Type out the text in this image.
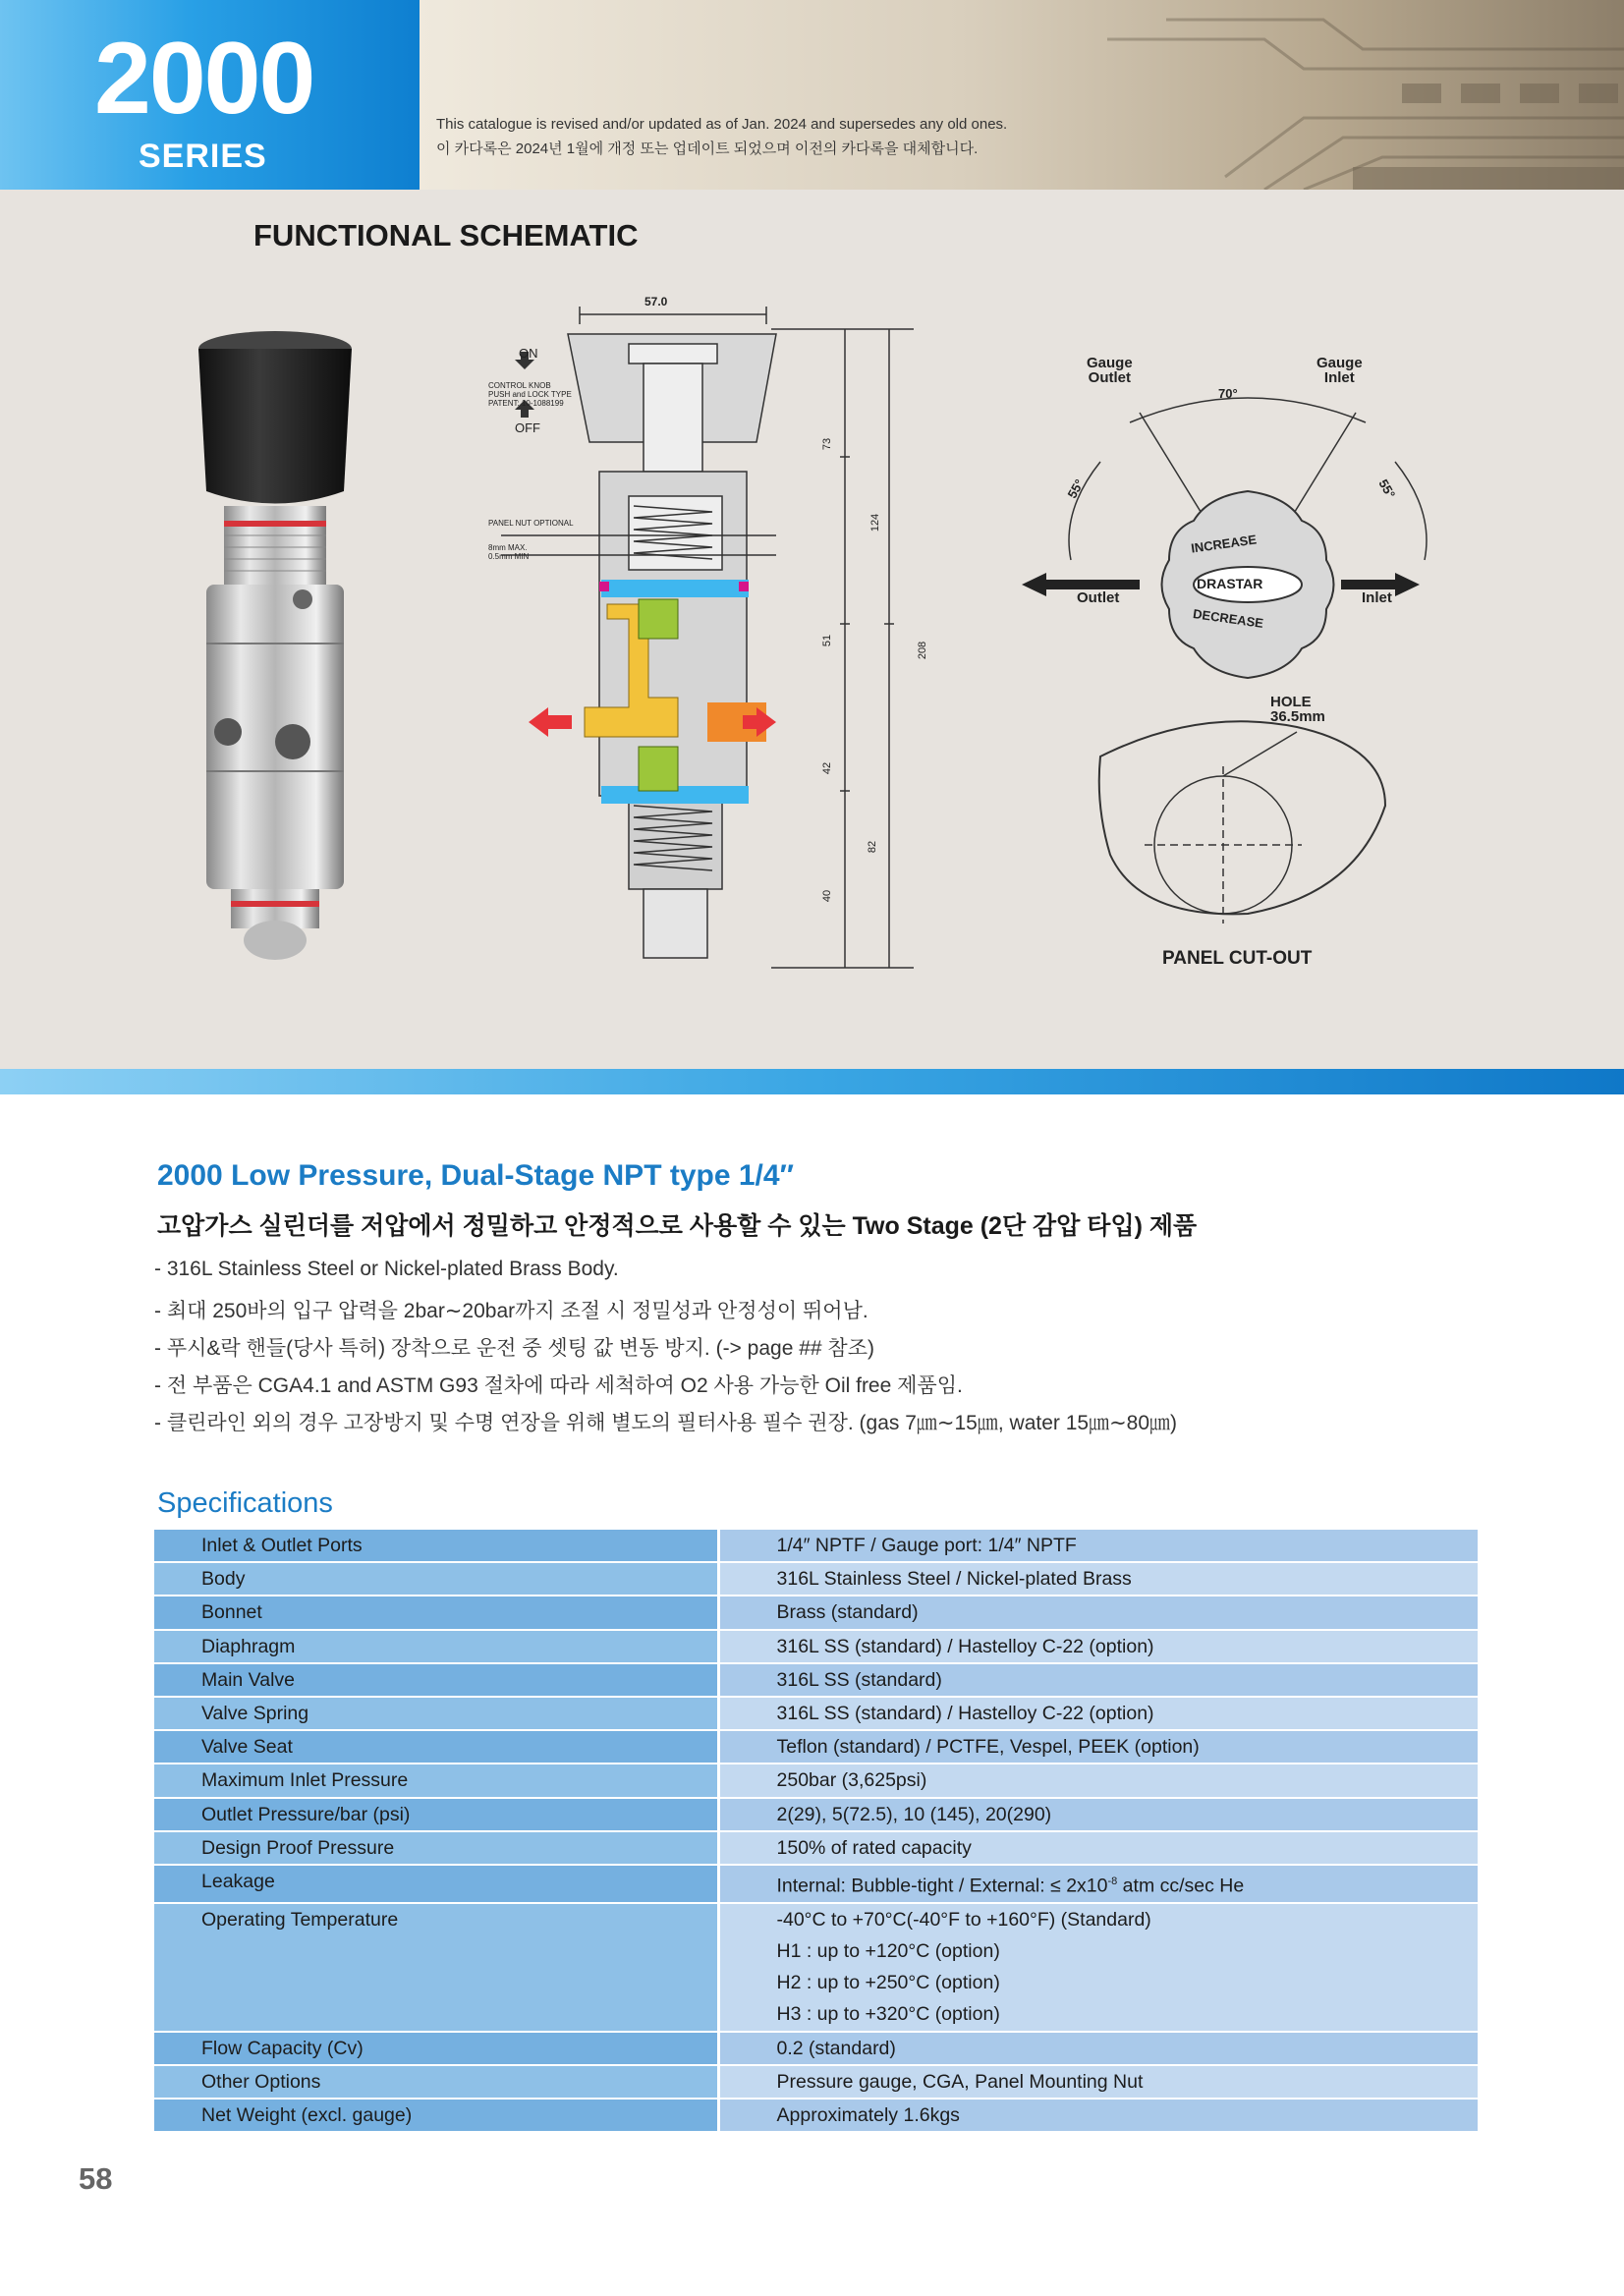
2000
SERIES
This catalogue is revised and/or updated as of Jan. 2024 and supersedes any old ones.
이 카다록은 2024년 1월에 개정 또는 업데이트 되었으며 이전의 카다록을 대체합니다.
FUNCTIONAL SCHEMATIC
57.0
ON
CONTROL KNOB
PUSH and LOCK TYPE
PATENT: 10-1088199
OFF
PANEL NUT OPTIONAL
8mm MAX.
0.5mm MIN
73
124
51
208
42
82
40
Gauge
Outlet
Gauge
Inlet
70°
55°	55°
Outlet	Inlet
INCREASE
DRASTAR
DECREASE
HOLE
36.5mm
PANEL CUT-OUT
2000 Low Pressure, Dual-Stage NPT type 1/4″
고압가스 실린더를 저압에서 정밀하고 안정적으로 사용할 수 있는 Two Stage (2단 감압 타입) 제품
- 316L Stainless Steel or Nickel-plated Brass Body.
- 최대 250바의 입구 압력을 2bar∼20bar까지 조절 시 정밀성과 안정성이 뛰어남.
- 푸시&락 핸들(당사 특허) 장착으로 운전 중 셋팅 값 변동 방지. (-> page ## 참조)
- 전 부품은 CGA4.1 and ASTM G93 절차에 따라 세척하여 O2 사용 가능한 Oil free 제품임.
- 클린라인 외의 경우 고장방지 및 수명 연장을 위해 별도의 필터사용 필수 권장. (gas 7㎛∼15㎛, water 15㎛∼80㎛)
Specifications
Inlet & Outlet Ports	1/4″ NPTF / Gauge port: 1/4″ NPTF
Body	316L Stainless Steel / Nickel-plated Brass
Bonnet	Brass (standard)
Diaphragm	316L SS (standard) / Hastelloy C-22 (option)
Main Valve	316L SS (standard)
Valve Spring	316L SS (standard) / Hastelloy C-22 (option)
Valve Seat	Teflon (standard) / PCTFE, Vespel, PEEK (option)
Maximum Inlet Pressure	250bar (3,625psi)
Outlet Pressure/bar (psi)	2(29), 5(72.5), 10 (145), 20(290)
Design Proof Pressure	150% of rated capacity
Leakage	Internal: Bubble-tight / External: ≤ $2x10^{-8}$ atm cc/sec He
Operating Temperature	-40°C to +70°C(-40°F to +160°F) (Standard)
H1 : up to +120°C (option)
H2 : up to +250°C (option)
H3 : up to +320°C (option)

Flow Capacity (Cv)	0.2 (standard)
Other Options	Pressure gauge, CGA, Panel Mounting Nut
Net Weight (excl. gauge)	Approximately 1.6kgs
58
